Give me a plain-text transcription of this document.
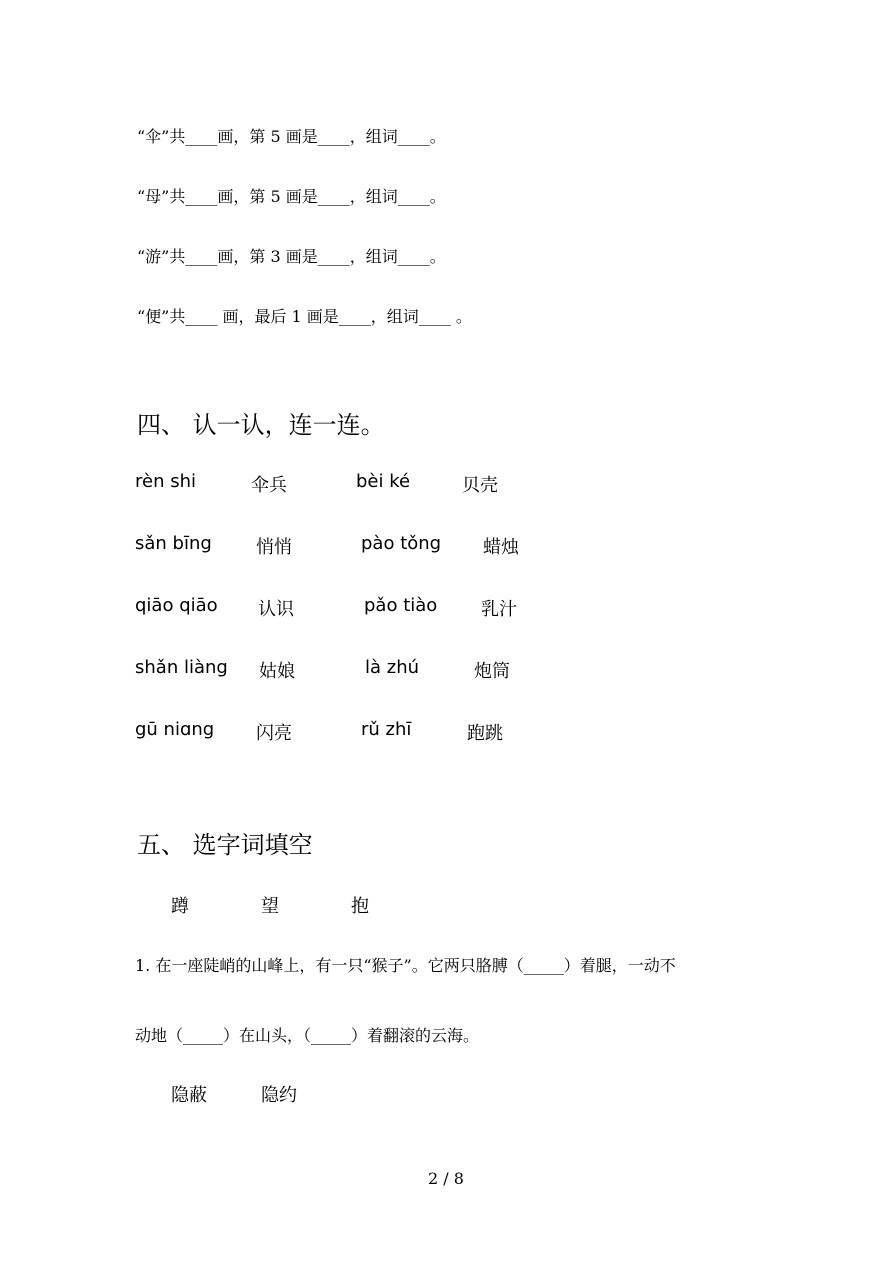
“伞”共____画，第 5 画是____，组词____。
“母”共____画，第 5 画是____，组词____。
“游”共____画，第 3 画是____，组词____。
“便”共____ 画，最后 1 画是____，组词____ 。
四、 认一认，连一连。
rèn shi	伞兵	bèi ké	贝壳
sǎn bīng 悄悄	pào tǒng 蜡烛
qiāo qiāo 认识	pǎo tiào 乳汁
shǎn liàng 姑娘	là zhú	炮筒
gū niɑng 闪亮	rǔ zhī	跑跳
五、 选字词填空
蹲	望	抱
1. 在一座陡峭的山峰上，有一只“猴子”。它两只胳膊（_____）着腿，一动不
动地（_____）在山头，（_____）着翻滚的云海。
隐蔽	隐约
2 / 8
